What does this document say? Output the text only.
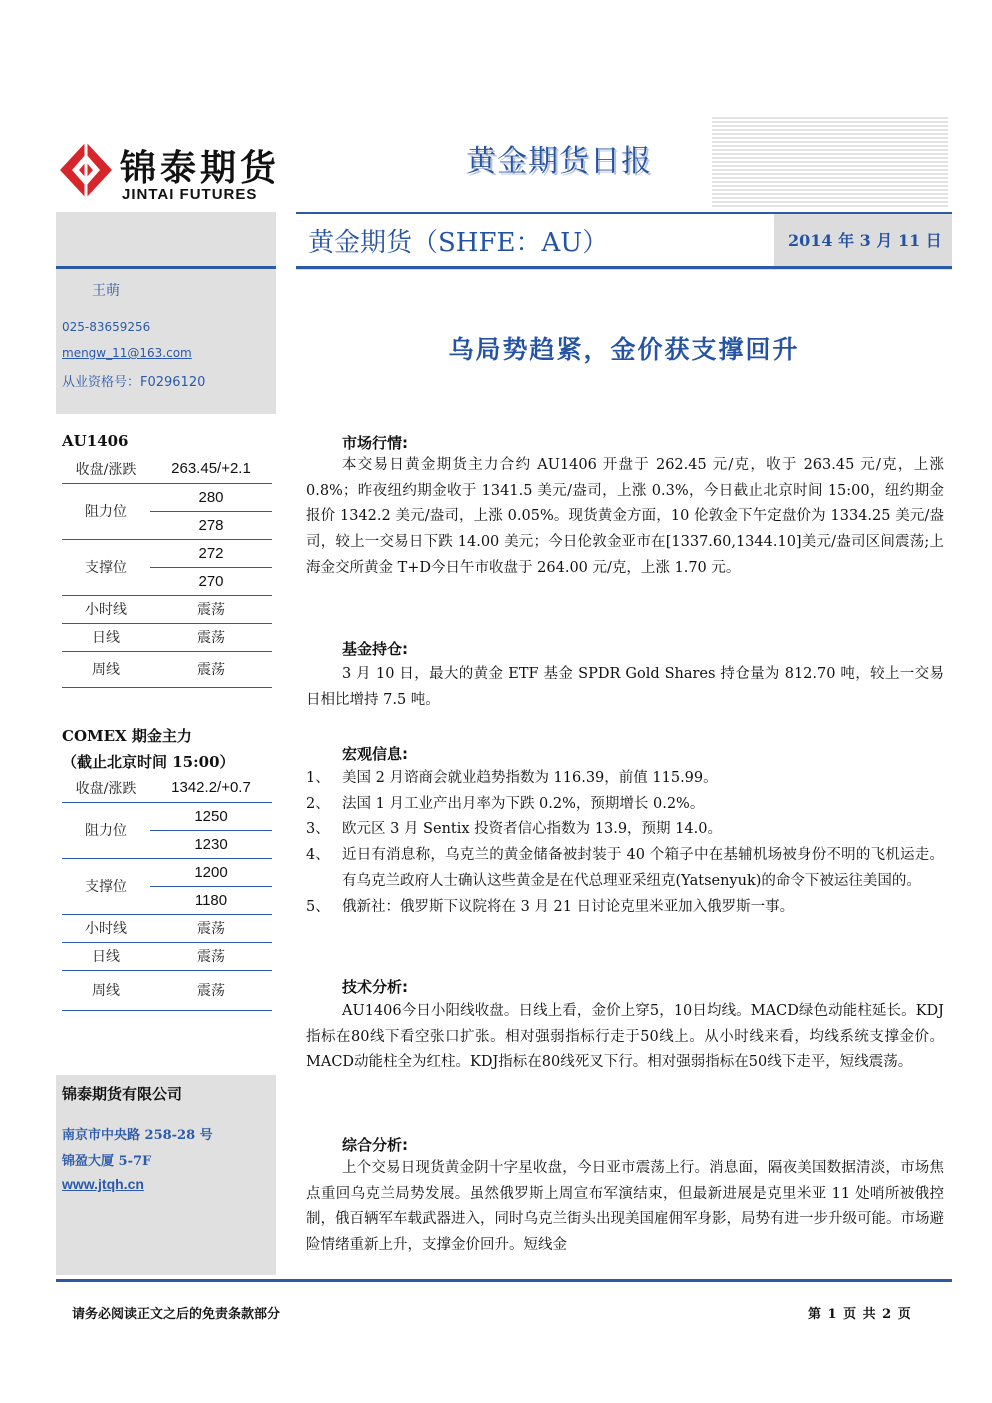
锦泰期货
JINTAI FUTURES
黄金期货日报
黄金期货（SHFE：AU）	2014 年 3 月 11 日
王萌
025-83659256
mengw_11@163.com
从业资格号：F0296120
AU1406
收盘/涨跌	263.45/+2.1
阻力位	280
	278
支撑位	272
	270
小时线	震荡
日线	震荡
周线	震荡
COMEX 期金主力
（截止北京时间 15:00）
收盘/涨跌	1342.2/+0.7
阻力位	1250
	1230
支撑位	1200
	1180
小时线	震荡
日线	震荡
周线	震荡
锦泰期货有限公司
南京市中央路 258-28 号
锦盈大厦 5-7F
www.jtqh.cn
乌局势趋紧，金价获支撑回升
市场行情:
本交易日黄金期货主力合约 AU1406 开盘于 262.45 元/克，收于 263.45 元/克，上涨 0.8%；昨夜纽约期金收于 1341.5 美元/盎司，上涨 0.3%，今日截止北京时间 15:00，纽约期金报价 1342.2 美元/盎司，上涨 0.05%。现货黄金方面，10 伦敦金下午定盘价为 1334.25 美元/盎司，较上一交易日下跌 14.00 美元；今日伦敦金亚市在[1337.60,1344.10]美元/盎司区间震荡;上海金交所黄金 T+D今日午市收盘于 264.00 元/克，上涨 1.70 元。
基金持仓:
3 月 10 日，最大的黄金 ETF 基金 SPDR Gold Shares 持仓量为 812.70 吨，较上一交易日相比增持 7.5 吨。
宏观信息:
1、 美国 2 月谘商会就业趋势指数为 116.39，前值 115.99。
2、 法国 1 月工业产出月率为下跌 0.2%，预期增长 0.2%。
3、 欧元区 3 月 Sentix 投资者信心指数为 13.9，预期 14.0。
4、 近日有消息称，乌克兰的黄金储备被封装于 40 个箱子中在基辅机场被身份不明的飞机运走。有乌克兰政府人士确认这些黄金是在代总理亚采纽克(Yatsenyuk)的命令下被运往美国的。
5、 俄新社：俄罗斯下议院将在 3 月 21 日讨论克里米亚加入俄罗斯一事。
技术分析:
AU1406今日小阳线收盘。日线上看，金价上穿5，10日均线。MACD绿色动能柱延长。KDJ指标在80线下看空张口扩张。相对强弱指标行走于50线上。从小时线来看，均线系统支撑金价。MACD动能柱全为红柱。KDJ指标在80线死叉下行。相对强弱指标在50线下走平，短线震荡。
综合分析:
上个交易日现货黄金阴十字星收盘，今日亚市震荡上行。消息面，隔夜美国数据清淡，市场焦点重回乌克兰局势发展。虽然俄罗斯上周宣布军演结束，但最新进展是克里米亚 11 处哨所被俄控制，俄百辆军车载武器进入，同时乌克兰街头出现美国雇佣军身影，局势有进一步升级可能。市场避险情绪重新上升，支撑金价回升。短线金
请务必阅读正文之后的免责条款部分	第 1 页 共 2 页
